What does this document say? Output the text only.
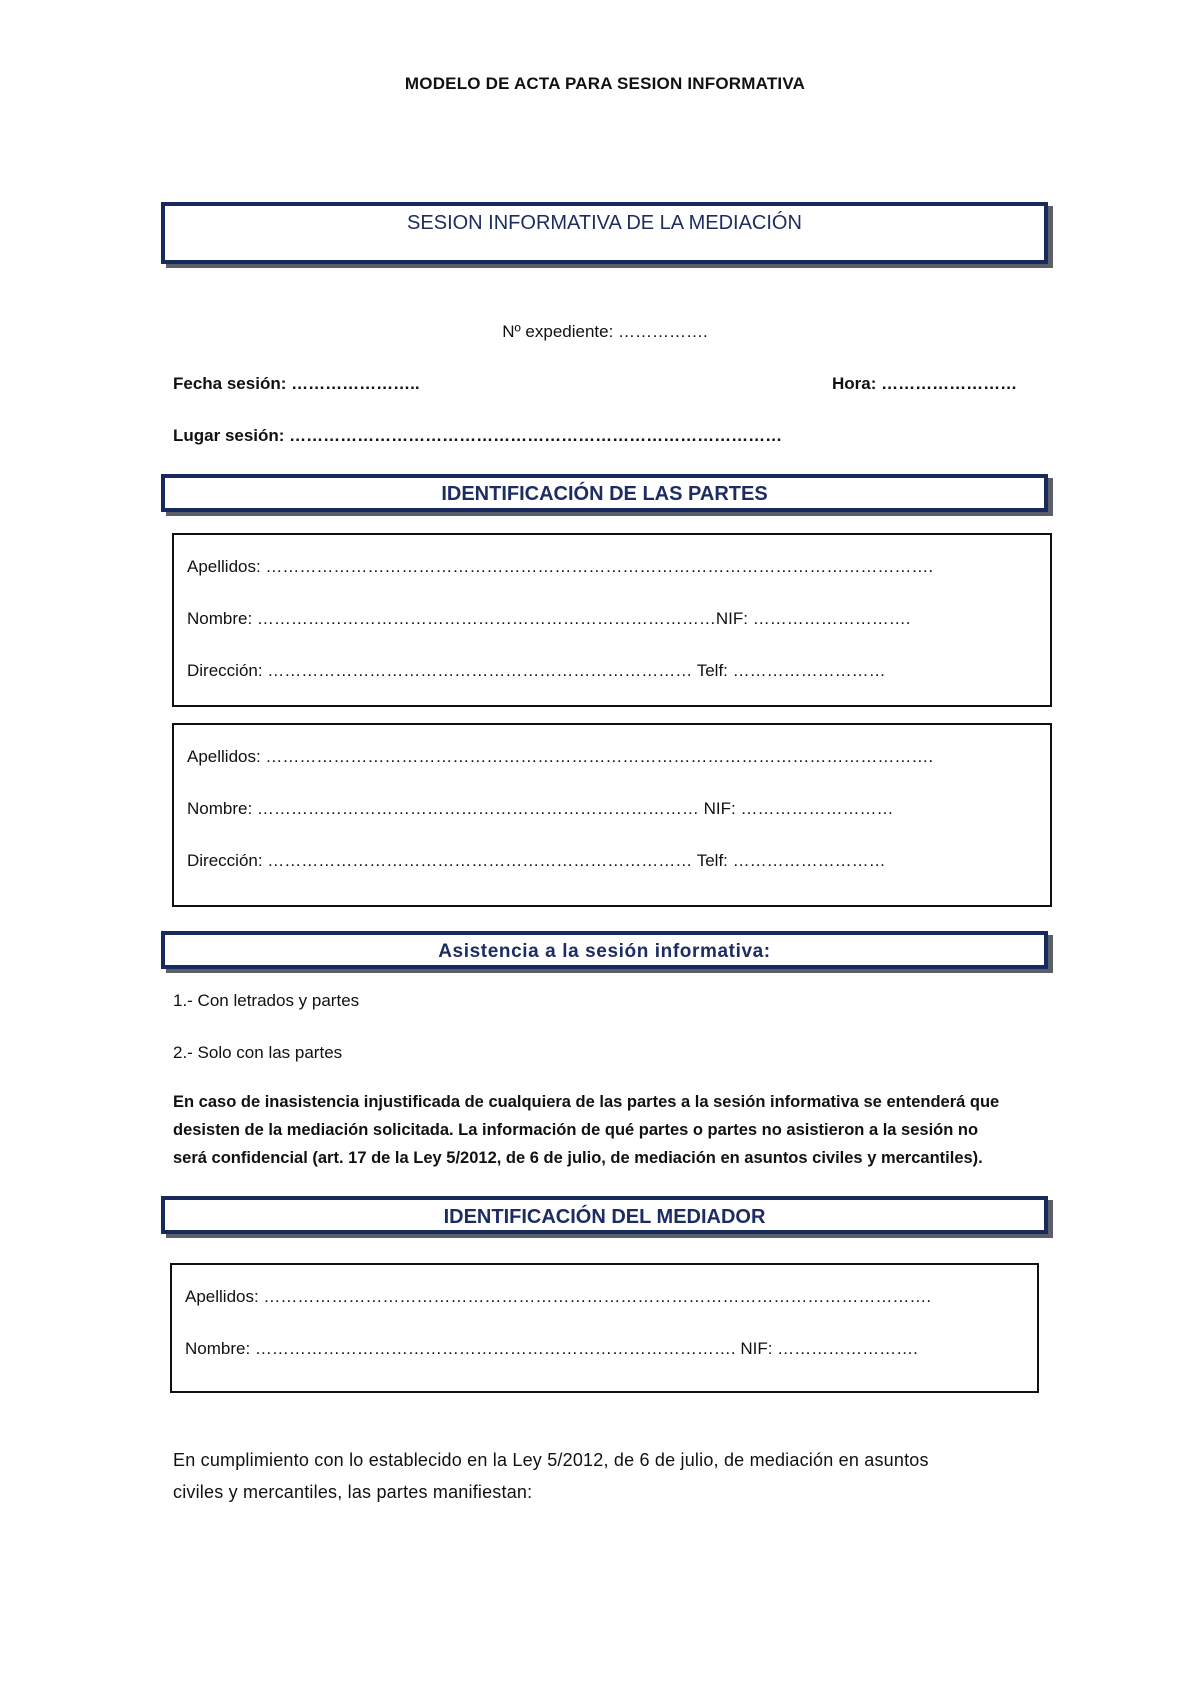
MODELO DE ACTA PARA SESION INFORMATIVA
SESION INFORMATIVA DE LA MEDIACIÓN
Nº expediente: …………….
Fecha sesión: …………………..	Hora: ……………………
Lugar sesión: ……………………………………………………………………………
IDENTIFICACIÓN DE LAS PARTES
Apellidos: ……………………………………………………………………………………………………….
Nombre: ………………………………………………………………………NIF: ……………………….
Dirección: ………………………………………………………………… Telf: ………………………
Apellidos: ……………………………………………………………………………………………………….
Nombre: …………………………………………………………………… NIF: ………………………
Dirección: ………………………………………………………………… Telf: ………………………
Asistencia a la sesión informativa:
1.- Con letrados y partes
2.- Solo con las partes
En caso de inasistencia injustificada de cualquiera de las partes a la sesión informativa se entenderá que
desisten de la mediación solicitada. La información de qué partes o partes no asistieron a la sesión no
será confidencial (art. 17 de la Ley 5/2012, de 6 de julio, de mediación en asuntos civiles y mercantiles).
IDENTIFICACIÓN DEL MEDIADOR
Apellidos: ……………………………………………………………………………………………………….
Nombre: …………………………………………………………………………. NIF: …………………….
En cumplimiento con lo establecido en la Ley 5/2012, de 6 de julio, de mediación en asuntos
civiles y mercantiles, las partes manifiestan:
